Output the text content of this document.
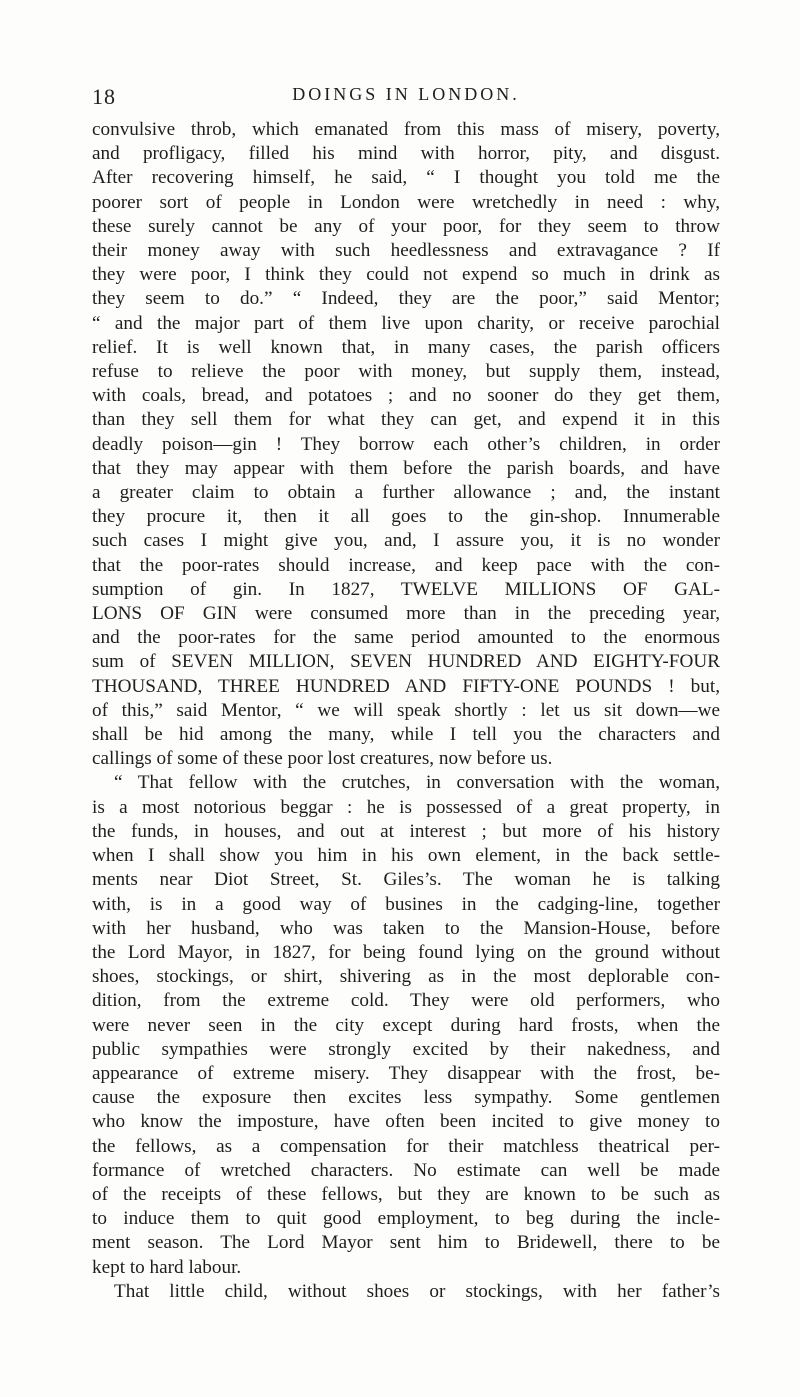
18	DOINGS IN LONDON.
convulsive throb, which emanated from this mass of misery, poverty,
and profligacy, filled his mind with horror, pity, and disgust.
After recovering himself, he said, “ I thought you told me the
poorer sort of people in London were wretchedly in need : why,
these surely cannot be any of your poor, for they seem to throw
their money away with such heedlessness and extravagance ? If
they were poor, I think they could not expend so much in drink as
they seem to do.” “ Indeed, they are the poor,” said Mentor;
“ and the major part of them live upon charity, or receive parochial
relief. It is well known that, in many cases, the parish officers
refuse to relieve the poor with money, but supply them, instead,
with coals, bread, and potatoes ; and no sooner do they get them,
than they sell them for what they can get, and expend it in this
deadly poison—gin ! They borrow each other’s children, in order
that they may appear with them before the parish boards, and have
a greater claim to obtain a further allowance ; and, the instant
they procure it, then it all goes to the gin-shop. Innumerable
such cases I might give you, and, I assure you, it is no wonder
that the poor-rates should increase, and keep pace with the con-
sumption of gin. In 1827, TWELVE MILLIONS OF GAL-
LONS OF GIN were consumed more than in the preceding year,
and the poor-rates for the same period amounted to the enormous
sum of SEVEN MILLION, SEVEN HUNDRED AND EIGHTY-FOUR
THOUSAND, THREE HUNDRED AND FIFTY-ONE POUNDS ! but,
of this,” said Mentor, “ we will speak shortly : let us sit down—we
shall be hid among the many, while I tell you the characters and
callings of some of these poor lost creatures, now before us.
“ That fellow with the crutches, in conversation with the woman,
is a most notorious beggar : he is possessed of a great property, in
the funds, in houses, and out at interest ; but more of his history
when I shall show you him in his own element, in the back settle-
ments near Diot Street, St. Giles’s. The woman he is talking
with, is in a good way of busines in the cadging-line, together
with her husband, who was taken to the Mansion-House, before
the Lord Mayor, in 1827, for being found lying on the ground without
shoes, stockings, or shirt, shivering as in the most deplorable con-
dition, from the extreme cold. They were old performers, who
were never seen in the city except during hard frosts, when the
public sympathies were strongly excited by their nakedness, and
appearance of extreme misery. They disappear with the frost, be-
cause the exposure then excites less sympathy. Some gentlemen
who know the imposture, have often been incited to give money to
the fellows, as a compensation for their matchless theatrical per-
formance of wretched characters. No estimate can well be made
of the receipts of these fellows, but they are known to be such as
to induce them to quit good employment, to beg during the incle-
ment season. The Lord Mayor sent him to Bridewell, there to be
kept to hard labour.
That little child, without shoes or stockings, with her father’s
